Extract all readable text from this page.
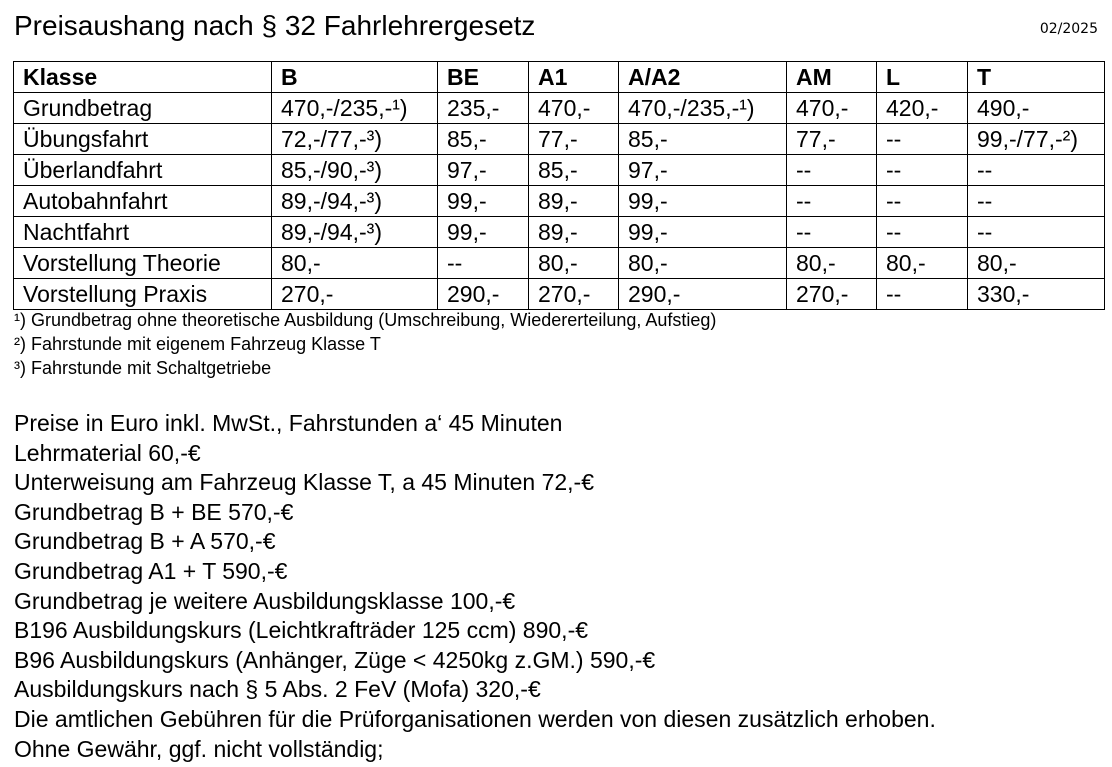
Preisaushang nach § 32 Fahrlehrergesetz	02/2025
Klasse	B	BE	A1	A/A2	AM	L	T
Grundbetrag	470,-/235,-¹)	235,-	470,-	470,-/235,-¹)	470,-	420,-	490,-
Übungsfahrt	72,-/77,-³)	85,-	77,-	85,-	77,-	--	99,-/77,-²)
Überlandfahrt	85,-/90,-³)	97,-	85,-	97,-	--	--	--
Autobahnfahrt	89,-/94,-³)	99,-	89,-	99,-	--	--	--
Nachtfahrt	89,-/94,-³)	99,-	89,-	99,-	--	--	--
Vorstellung Theorie	80,-	--	80,-	80,-	80,-	80,-	80,-
Vorstellung Praxis	270,-	290,-	270,-	290,-	270,-	--	330,-
¹) Grundbetrag ohne theoretische Ausbildung (Umschreibung, Wiedererteilung, Aufstieg)
²) Fahrstunde mit eigenem Fahrzeug Klasse T
³) Fahrstunde mit Schaltgetriebe
Preise in Euro inkl. MwSt., Fahrstunden a‘ 45 Minuten
Lehrmaterial 60,-€
Unterweisung am Fahrzeug Klasse T, a 45 Minuten 72,-€
Grundbetrag B + BE 570,-€
Grundbetrag B + A 570,-€
Grundbetrag A1 + T 590,-€
Grundbetrag je weitere Ausbildungsklasse 100,-€
B196 Ausbildungskurs (Leichtkrafträder 125 ccm) 890,-€
B96 Ausbildungskurs (Anhänger, Züge < 4250kg z.GM.) 590,-€
Ausbildungskurs nach § 5 Abs. 2 FeV (Mofa) 320,-€
Die amtlichen Gebühren für die Prüforganisationen werden von diesen zusätzlich erhoben.
Ohne Gewähr, ggf. nicht vollständig;
